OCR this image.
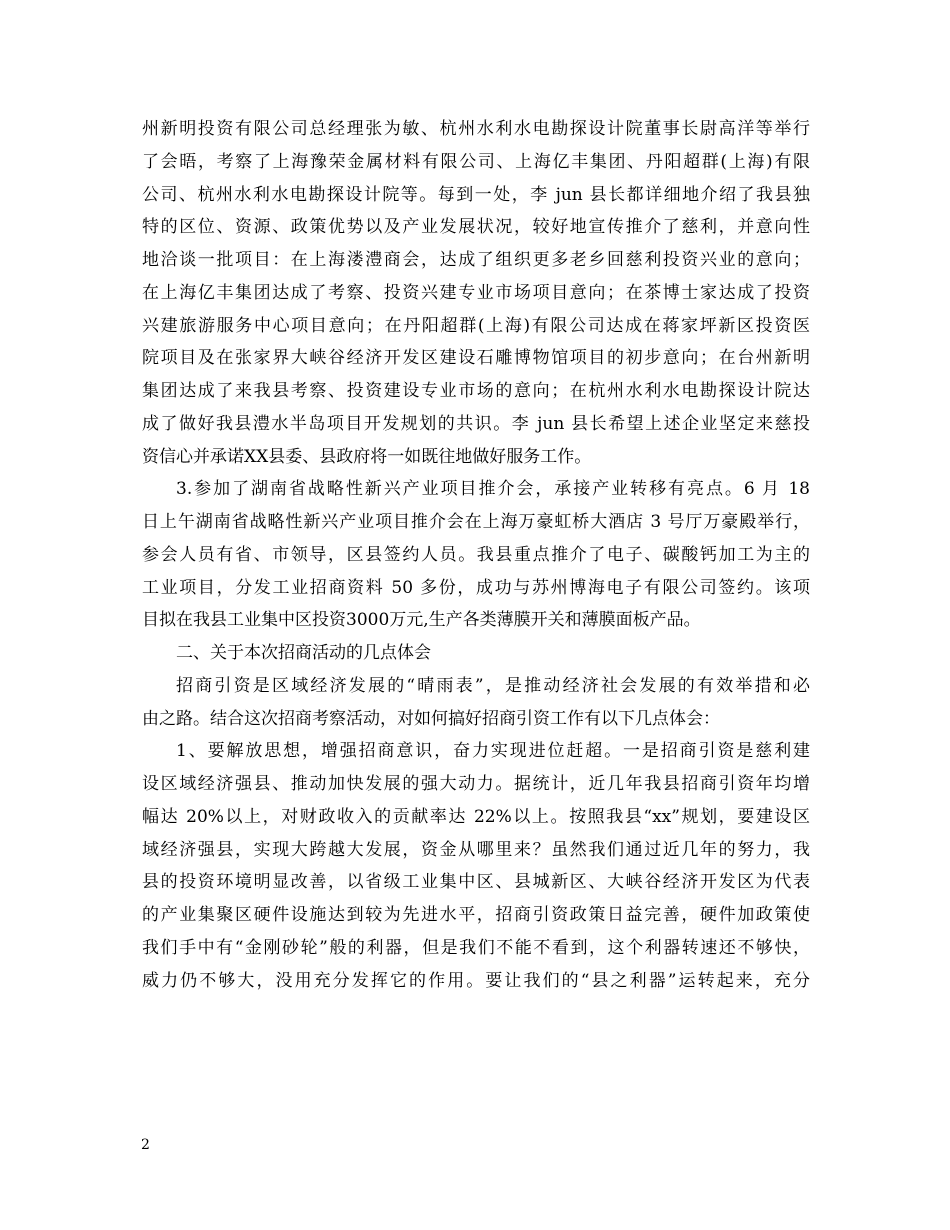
州新明投资有限公司总经理张为敏、杭州水利水电勘探设计院董事长尉高洋等举行
了会晤，考察了上海豫荣金属材料有限公司、上海亿丰集团、丹阳超群(上海)有限
公司、杭州水利水电勘探设计院等。每到一处，李 jun 县长都详细地介绍了我县独
特的区位、资源、政策优势以及产业发展状况，较好地宣传推介了慈利，并意向性
地洽谈一批项目：在上海溇澧商会，达成了组织更多老乡回慈利投资兴业的意向；
在上海亿丰集团达成了考察、投资兴建专业市场项目意向；在茶博士家达成了投资
兴建旅游服务中心项目意向；在丹阳超群(上海)有限公司达成在蒋家坪新区投资医
院项目及在张家界大峡谷经济开发区建设石雕博物馆项目的初步意向；在台州新明
集团达成了来我县考察、投资建设专业市场的意向；在杭州水利水电勘探设计院达
成了做好我县澧水半岛项目开发规划的共识。李 jun 县长希望上述企业坚定来慈投
资信心并承诺XX县委、县政府将一如既往地做好服务工作。
3.参加了湖南省战略性新兴产业项目推介会，承接产业转移有亮点。6 月 18
日上午湖南省战略性新兴产业项目推介会在上海万豪虹桥大酒店 3 号厅万豪殿举行，
参会人员有省、市领导，区县签约人员。我县重点推介了电子、碳酸钙加工为主的
工业项目，分发工业招商资料 50 多份，成功与苏州博海电子有限公司签约。该项
目拟在我县工业集中区投资3000万元,生产各类薄膜开关和薄膜面板产品。
二、关于本次招商活动的几点体会
招商引资是区域经济发展的“晴雨表”，是推动经济社会发展的有效举措和必
由之路。结合这次招商考察活动，对如何搞好招商引资工作有以下几点体会：
1、要解放思想，增强招商意识，奋力实现进位赶超。一是招商引资是慈利建
设区域经济强县、推动加快发展的强大动力。据统计，近几年我县招商引资年均增
幅达 20%以上，对财政收入的贡献率达 22%以上。按照我县“xx”规划，要建设区
域经济强县，实现大跨越大发展，资金从哪里来？虽然我们通过近几年的努力，我
县的投资环境明显改善，以省级工业集中区、县城新区、大峡谷经济开发区为代表
的产业集聚区硬件设施达到较为先进水平，招商引资政策日益完善，硬件加政策使
我们手中有“金刚砂轮”般的利器，但是我们不能不看到，这个利器转速还不够快，
威力仍不够大，没用充分发挥它的作用。要让我们的“县之利器”运转起来，充分
2
